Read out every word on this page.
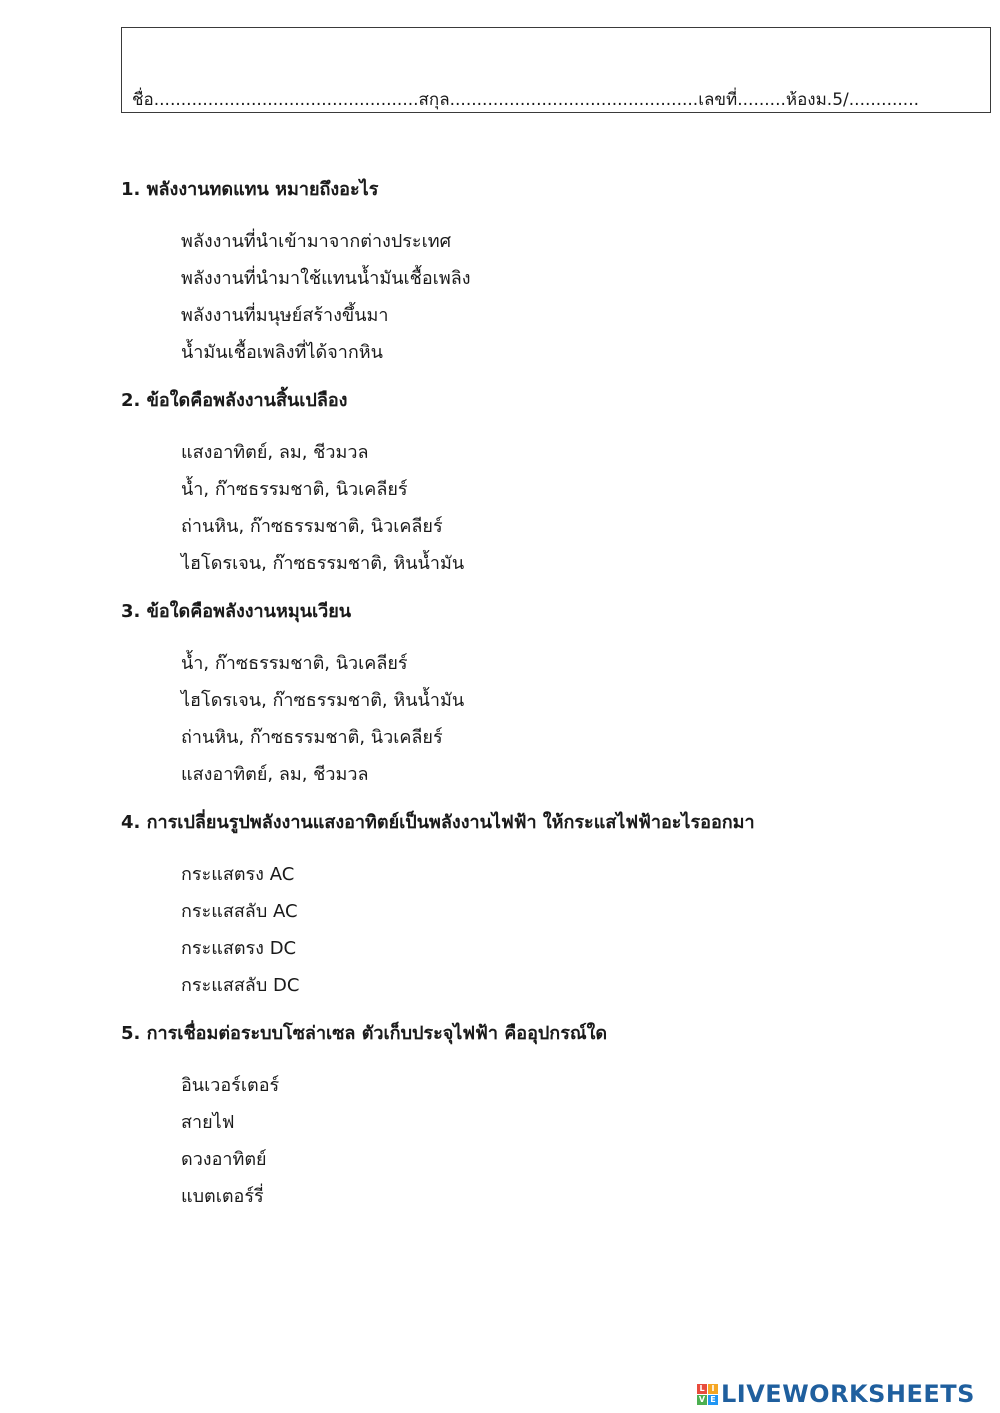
ชื่อ.................................................สกุล..............................................เลขที่.........ห้องม.5/.............
1. พลังงานทดแทน หมายถึงอะไร
พลังงานที่นำเข้ามาจากต่างประเทศ
พลังงานที่นำมาใช้แทนน้ำมันเชื้อเพลิง
พลังงานที่มนุษย์สร้างขึ้นมา
น้ำมันเชื้อเพลิงที่ได้จากหิน
2. ข้อใดคือพลังงานสิ้นเปลือง
แสงอาทิตย์, ลม, ชีวมวล
น้ำ, ก๊าซธรรมชาติ, นิวเคลียร์
ถ่านหิน, ก๊าซธรรมชาติ, นิวเคลียร์
ไฮโดรเจน, ก๊าซธรรมชาติ, หินน้ำมัน
3. ข้อใดคือพลังงานหมุนเวียน
น้ำ, ก๊าซธรรมชาติ, นิวเคลียร์
ไฮโดรเจน, ก๊าซธรรมชาติ, หินน้ำมัน
ถ่านหิน, ก๊าซธรรมชาติ, นิวเคลียร์
แสงอาทิตย์, ลม, ชีวมวล
4. การเปลี่ยนรูปพลังงานแสงอาทิตย์เป็นพลังงานไฟฟ้า ให้กระแสไฟฟ้าอะไรออกมา
กระแสตรง AC
กระแสสลับ AC
กระแสตรง DC
กระแสสลับ DC
5. การเชื่อมต่อระบบโซล่าเซล ตัวเก็บประจุไฟฟ้า คืออุปกรณ์ใด
อินเวอร์เตอร์
สายไฟ
ดวงอาทิตย์
แบตเตอร์รี่
L I
V E LIVEWORKSHEETS
